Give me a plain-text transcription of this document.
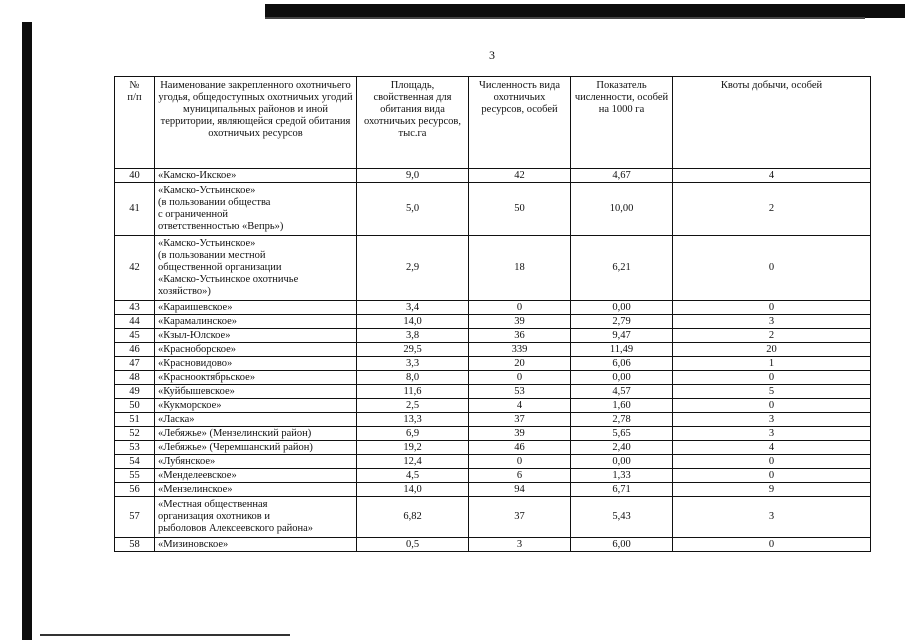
3
№
п/п	Наименование закрепленного охотничьего угодья, общедоступных охотничьих угодий муниципальных районов и иной территории, являющейся средой обитания охотничьих ресурсов	Площадь, свойственная для обитания вида охотничьих ресурсов, тыс.га	Численность вида охотничьих ресурсов, особей	Показатель численности, особей на 1000 га	Квоты добычи, особей
40	«Камско-Икское»	9,0	42	4,67	4
41	«Камско-Устьинское»
(в пользовании общества
с ограниченной
ответственностью «Вепрь»)	5,0	50	10,00	2
42	«Камско-Устьинское»
(в пользовании местной
общественной организации
«Камско-Устьинское охотничье
хозяйство»)	2,9	18	6,21	0
43	«Караишевское»	3,4	0	0,00	0
44	«Карамалинское»	14,0	39	2,79	3
45	«Кзыл-Юлское»	3,8	36	9,47	2
46	«Красноборское»	29,5	339	11,49	20
47	«Красновидово»	3,3	20	6,06	1
48	«Краснооктябрьское»	8,0	0	0,00	0
49	«Куйбышевское»	11,6	53	4,57	5
50	«Кукморское»	2,5	4	1,60	0
51	«Ласка»	13,3	37	2,78	3
52	«Лебяжье» (Мензелинский район)	6,9	39	5,65	3
53	«Лебяжье» (Черемшанский район)	19,2	46	2,40	4
54	«Лубянское»	12,4	0	0,00	0
55	«Менделеевское»	4,5	6	1,33	0
56	«Мензелинское»	14,0	94	6,71	9
57	«Местная общественная
организация охотников и
рыболовов Алексеевского района»	6,82	37	5,43	3
58	«Мизиновское»	0,5	3	6,00	0
